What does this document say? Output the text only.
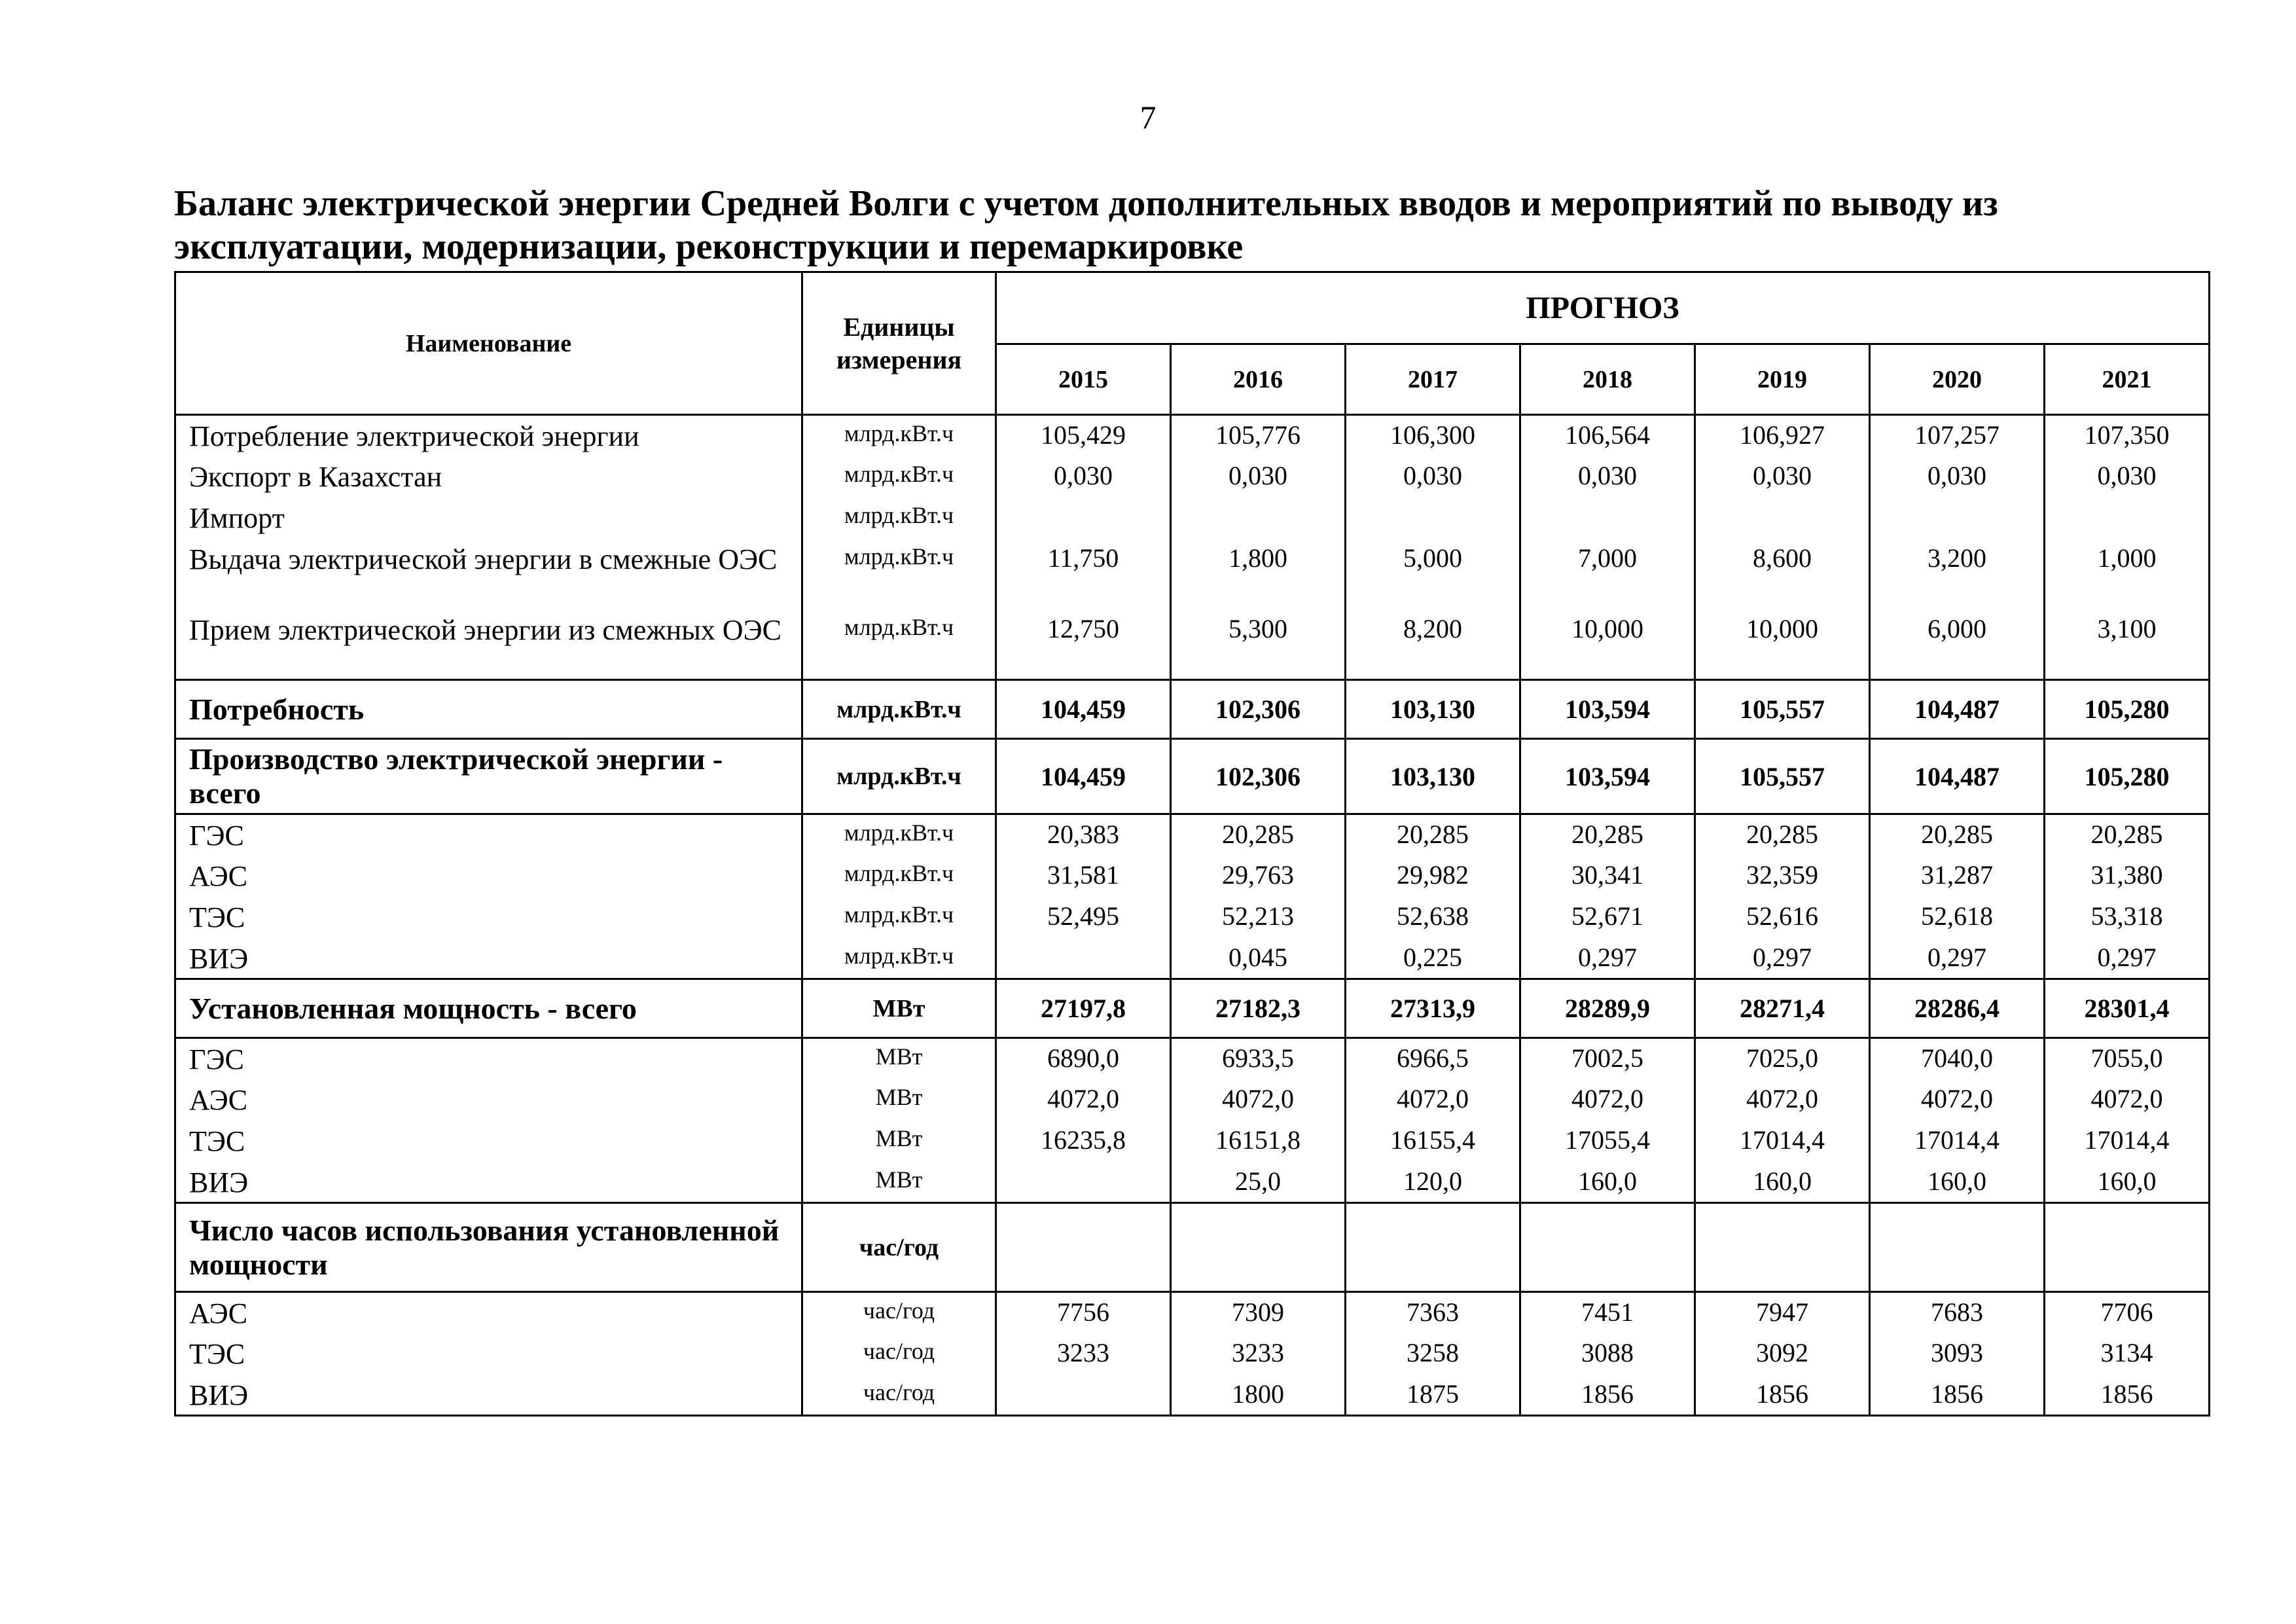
7
Баланс электрической энергии Средней Волги с учетом дополнительных вводов и мероприятий по выводу из эксплуатации, модернизации, реконструкции и перемаркировке
Наименование	Единицы измерения	ПРОГНОЗ						
		2015	2016	2017	2018	2019	2020	2021
Потребление электрической энергии	млрд.кВт.ч	105,429	105,776	106,300	106,564	106,927	107,257	107,350
Экспорт в Казахстан	млрд.кВт.ч	0,030	0,030	0,030	0,030	0,030	0,030	0,030
Импорт	млрд.кВт.ч							
Выдача электрической энергии в смежные ОЭС	млрд.кВт.ч	11,750	1,800	5,000	7,000	8,600	3,200	1,000
Прием электрической энергии из смежных ОЭС	млрд.кВт.ч	12,750	5,300	8,200	10,000	10,000	6,000	3,100
Потребность	млрд.кВт.ч	104,459	102,306	103,130	103,594	105,557	104,487	105,280
Производство электрической энергии - всего	млрд.кВт.ч	104,459	102,306	103,130	103,594	105,557	104,487	105,280
ГЭС	млрд.кВт.ч	20,383	20,285	20,285	20,285	20,285	20,285	20,285
АЭС	млрд.кВт.ч	31,581	29,763	29,982	30,341	32,359	31,287	31,380
ТЭС	млрд.кВт.ч	52,495	52,213	52,638	52,671	52,616	52,618	53,318
ВИЭ	млрд.кВт.ч		0,045	0,225	0,297	0,297	0,297	0,297
Установленная мощность - всего	МВт	27197,8	27182,3	27313,9	28289,9	28271,4	28286,4	28301,4
ГЭС	МВт	6890,0	6933,5	6966,5	7002,5	7025,0	7040,0	7055,0
АЭС	МВт	4072,0	4072,0	4072,0	4072,0	4072,0	4072,0	4072,0
ТЭС	МВт	16235,8	16151,8	16155,4	17055,4	17014,4	17014,4	17014,4
ВИЭ	МВт		25,0	120,0	160,0	160,0	160,0	160,0
Число часов использования установленной мощности	час/год							
АЭС	час/год	7756	7309	7363	7451	7947	7683	7706
ТЭС	час/год	3233	3233	3258	3088	3092	3093	3134
ВИЭ	час/год		1800	1875	1856	1856	1856	1856
